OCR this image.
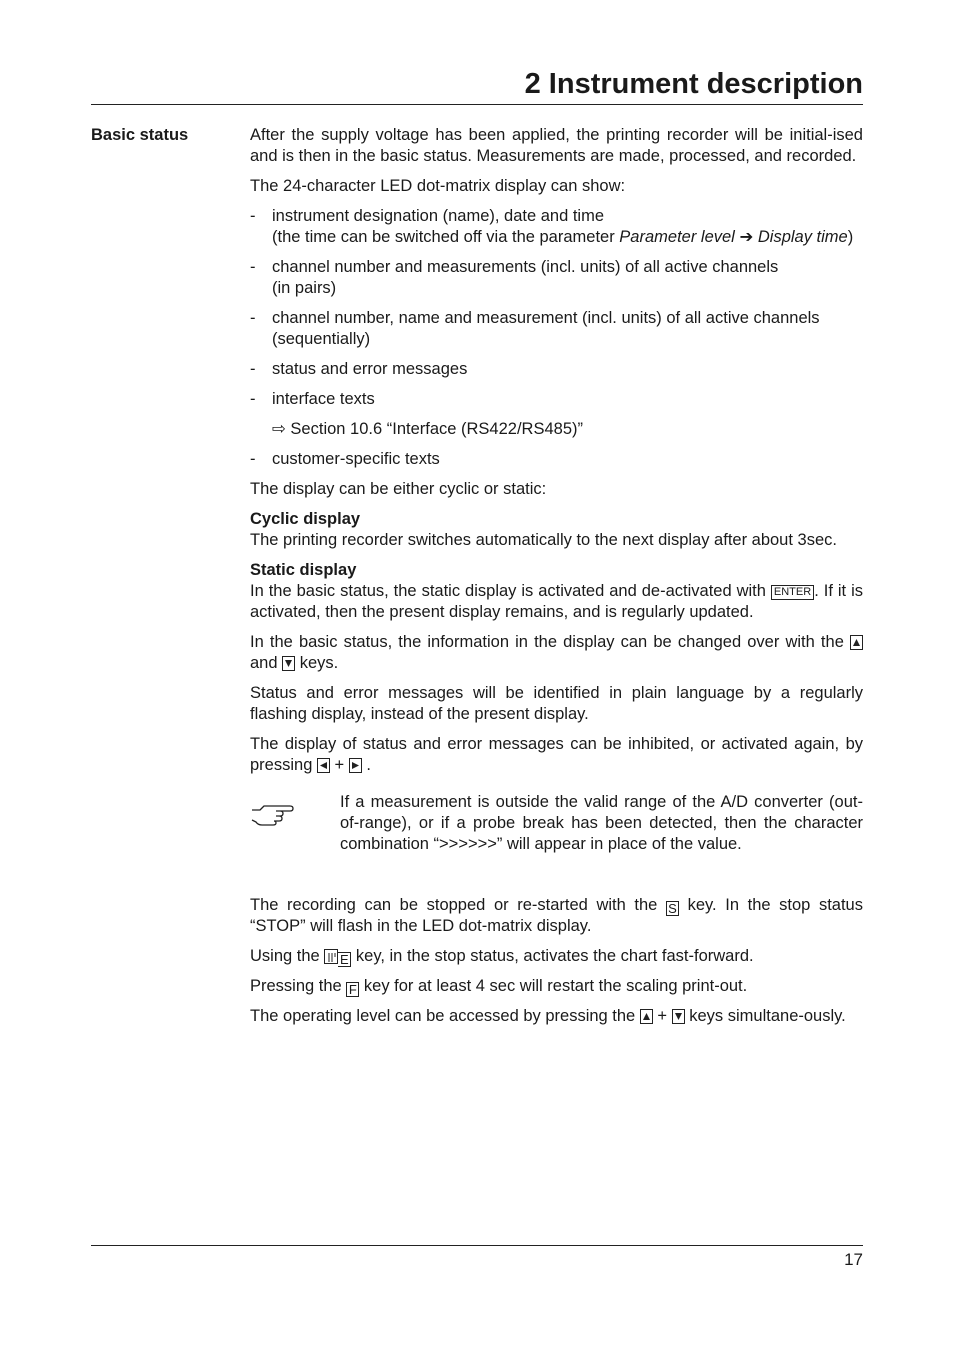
2 Instrument description
Basic status	After the supply voltage has been applied, the printing recorder will be initial-ised and is then in the basic status. Measurements are made, processed, and recorded.

The 24-character LED dot-matrix display can show:

-	instrument designation (name), date and time
(the time can be switched off via the parameter Parameter level ➔ Display time)
-	channel number and measurements (incl. units) of all active channels
(in pairs)
-	channel number, name and measurement (incl. units) of all active channels
(sequentially)
-	status and error messages
-	interface texts
⇨ Section 10.6 “Interface (RS422/RS485)”
-	customer-specific texts

The display can be either cyclic or static:

Cyclic display
The printing recorder switches automatically to the next display after about 3sec.

Static display
In the basic status, the static display is activated and de-activated with ENTER . If it is activated, then the present display remains, and is regularly updated.

In the basic status, the information in the display can be changed over with the
and
keys.

Status and error messages will be identified in plain language by a regularly flashing display, instead of the present display.

The display of status and error messages can be inhibited, or activated again, by pressing
+
.

If a measurement is outside the valid range of the A/D converter (out-of-range), or if a probe break has been detected, then the character combination “>>>>>>” will appear in place of the value.

The recording can be stopped or re-started with the S key. In the stop status “STOP” will flash in the LED dot-matrix display.

Using the E key, in the stop status, activates the chart fast-forward.

Pressing the F key for at least 4 sec will restart the scaling print-out.

The operating level can be accessed by pressing the
+
keys simultane-ously.

17
